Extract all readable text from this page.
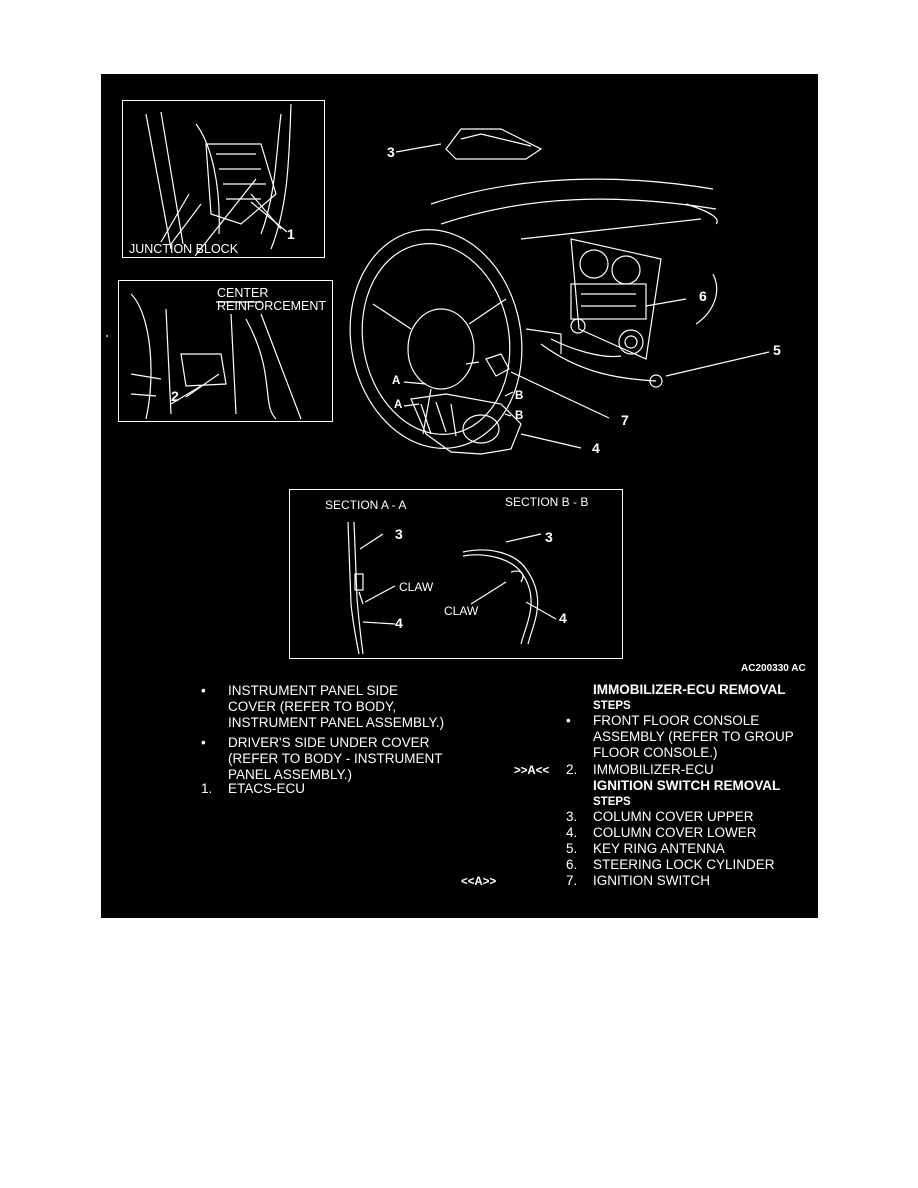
JUNCTION BLOCK
1
CENTER
REINFORCEMENT
2
3
6
5
7
4
A
A
B
B
SECTION A - A	SECTION B - B
3
CLAW
4
3
CLAW	4
AC200330 AC
• INSTRUMENT PANEL SIDE
COVER (REFER TO BODY,
INSTRUMENT PANEL ASSEMBLY.)
• DRIVER'S SIDE UNDER COVER
(REFER TO BODY - INSTRUMENT
PANEL ASSEMBLY.)
1. ETACS-ECU
IMMOBILIZER-ECU REMOVAL
STEPS
• FRONT FLOOR CONSOLE
ASSEMBLY (REFER TO GROUP
FLOOR CONSOLE.)
>>A<< 2. IMMOBILIZER-ECU
IGNITION SWITCH REMOVAL
STEPS
3. COLUMN COVER UPPER
4. COLUMN COVER LOWER
5. KEY RING ANTENNA
6. STEERING LOCK CYLINDER
<<A>>	7. IGNITION SWITCH
